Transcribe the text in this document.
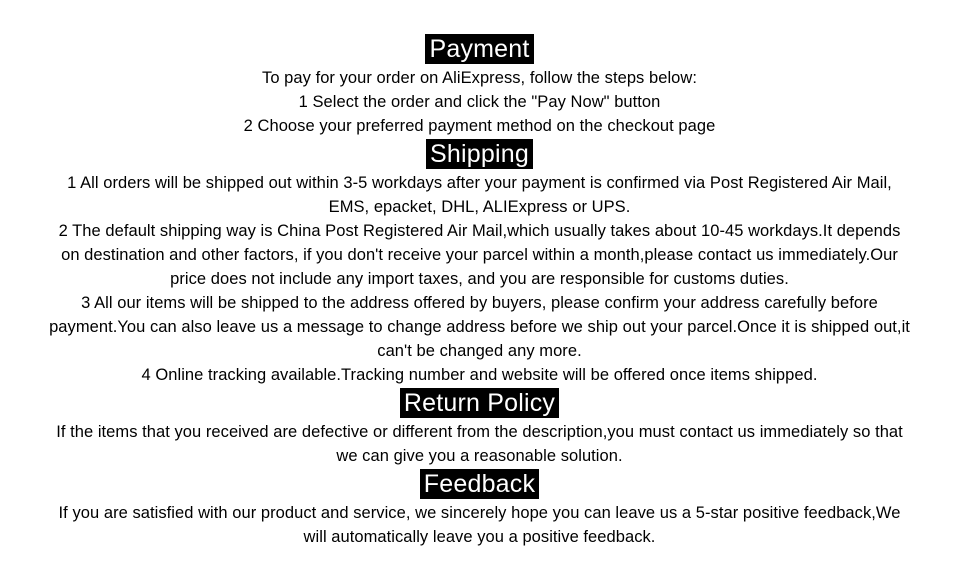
Payment

To pay for your order on AliExpress, follow the steps below:

1 Select the order and click the "Pay Now" button

2 Choose your preferred payment method on the checkout page

Shipping

1 All orders will be shipped out within 3-5 workdays after your payment is confirmed via Post Registered Air Mail,

EMS, epacket, DHL, ALIExpress or UPS.

2 The default shipping way is China Post Registered Air Mail,which usually takes about 10-45 workdays.It depends

on destination and other factors, if you don't receive your parcel within a month,please contact us immediately.Our

price does not include any import taxes, and you are responsible for customs duties.

3 All our items will be shipped to the address offered by buyers, please confirm your address carefully before

payment.You can also leave us a message to change address before we ship out your parcel.Once it is shipped out,it

can't be changed any more.

4 Online tracking available.Tracking number and website will be offered once items shipped.

Return Policy

If the items that you received are defective or different from the description,you must contact us immediately so that

we can give you a reasonable solution.

Feedback

If you are satisfied with our product and service, we sincerely hope you can leave us a 5-star positive feedback,We

will automatically leave you a positive feedback.
